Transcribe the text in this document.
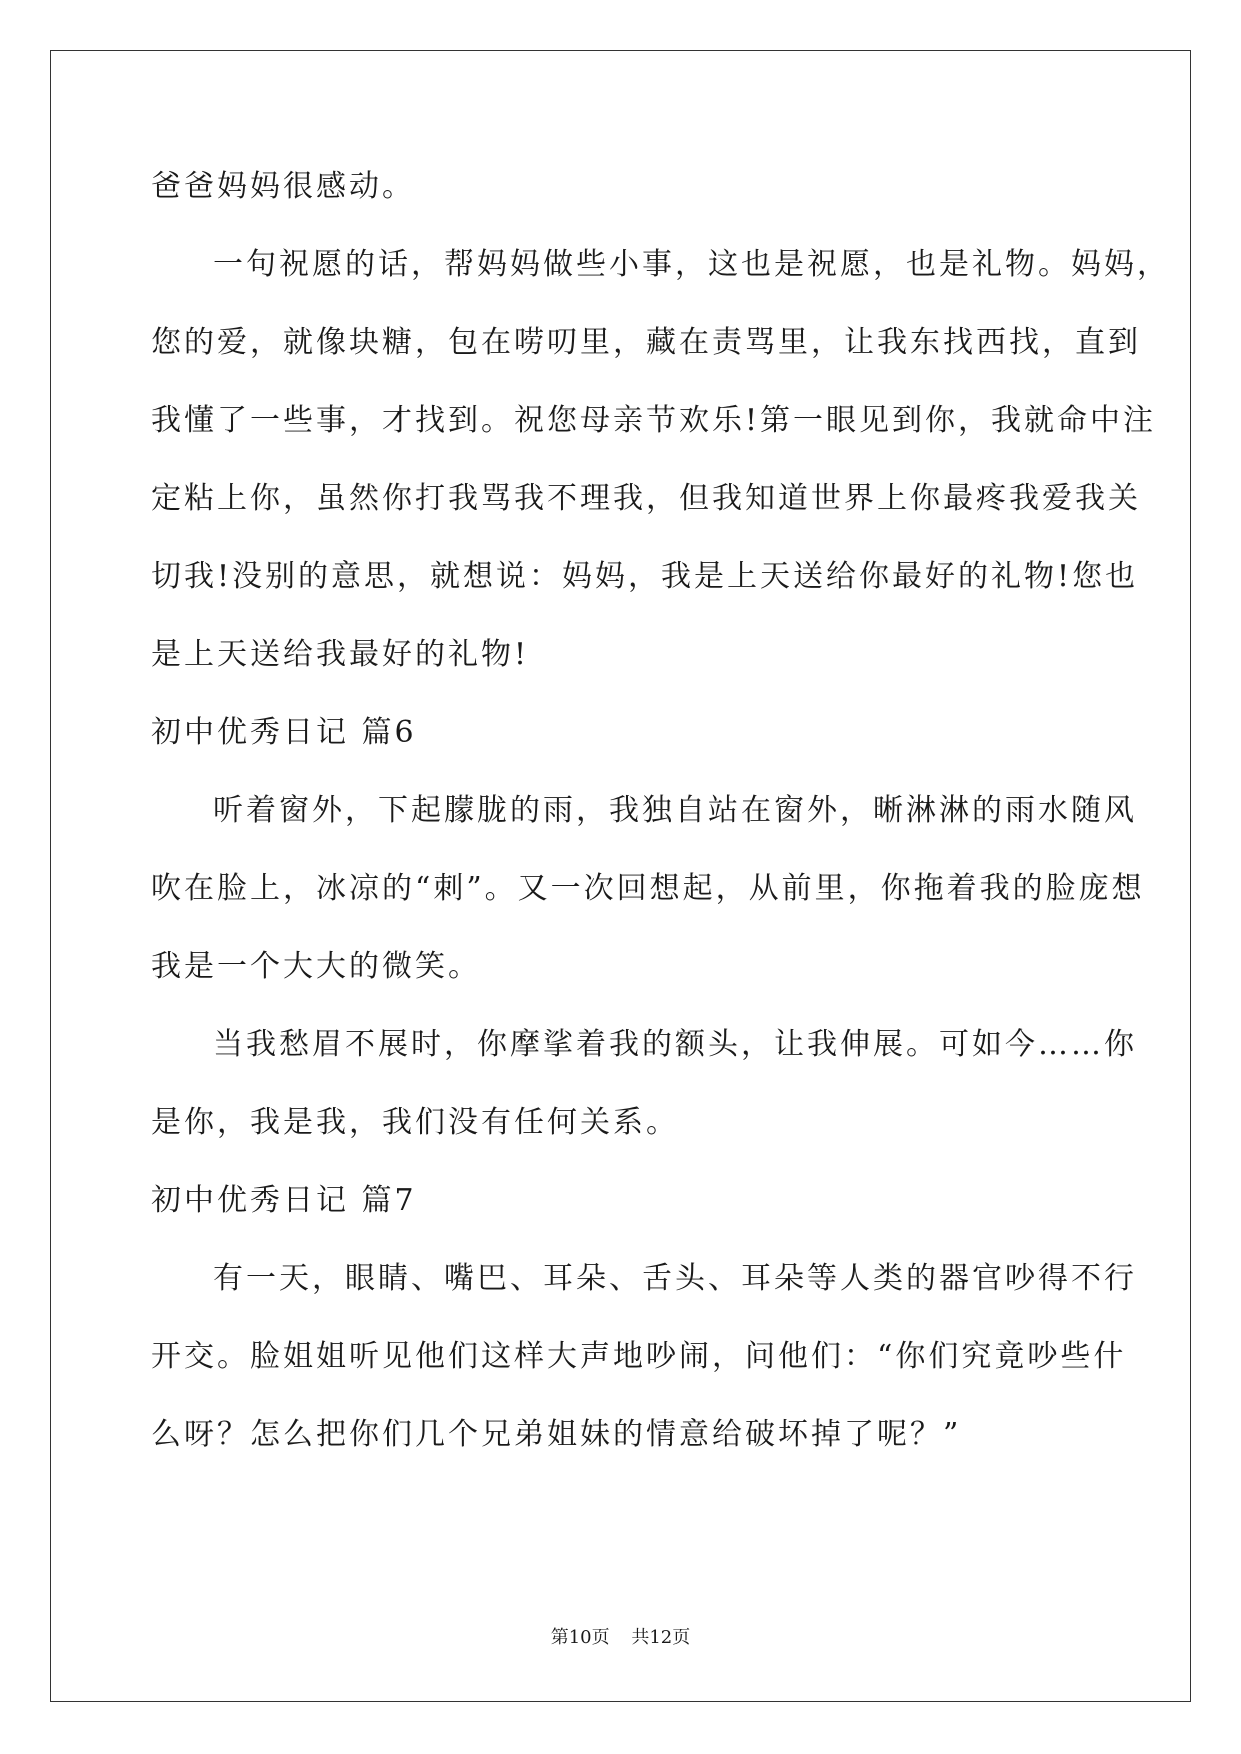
爸爸妈妈很感动。
一句祝愿的话，帮妈妈做些小事，这也是祝愿，也是礼物。妈妈，
您的爱，就像块糖，包在唠叨里，藏在责骂里，让我东找西找，直到
我懂了一些事，才找到。祝您母亲节欢乐!第一眼见到你，我就命中注
定粘上你，虽然你打我骂我不理我，但我知道世界上你最疼我爱我关
切我!没别的意思，就想说：妈妈，我是上天送给你最好的礼物!您也
是上天送给我最好的礼物!
初中优秀日记 篇6
听着窗外，下起朦胧的雨，我独自站在窗外，晰淋淋的雨水随风
吹在脸上，冰凉的“刺”。又一次回想起，从前里，你拖着我的脸庞想
我是一个大大的微笑。
当我愁眉不展时，你摩挲着我的额头，让我伸展。可如今……你
是你，我是我，我们没有任何关系。
初中优秀日记 篇7
有一天，眼睛、嘴巴、耳朵、舌头、耳朵等人类的器官吵得不行
开交。脸姐姐听见他们这样大声地吵闹，问他们：“你们究竟吵些什
么呀？怎么把你们几个兄弟姐妹的情意给破坏掉了呢？”
第10页 共12页
